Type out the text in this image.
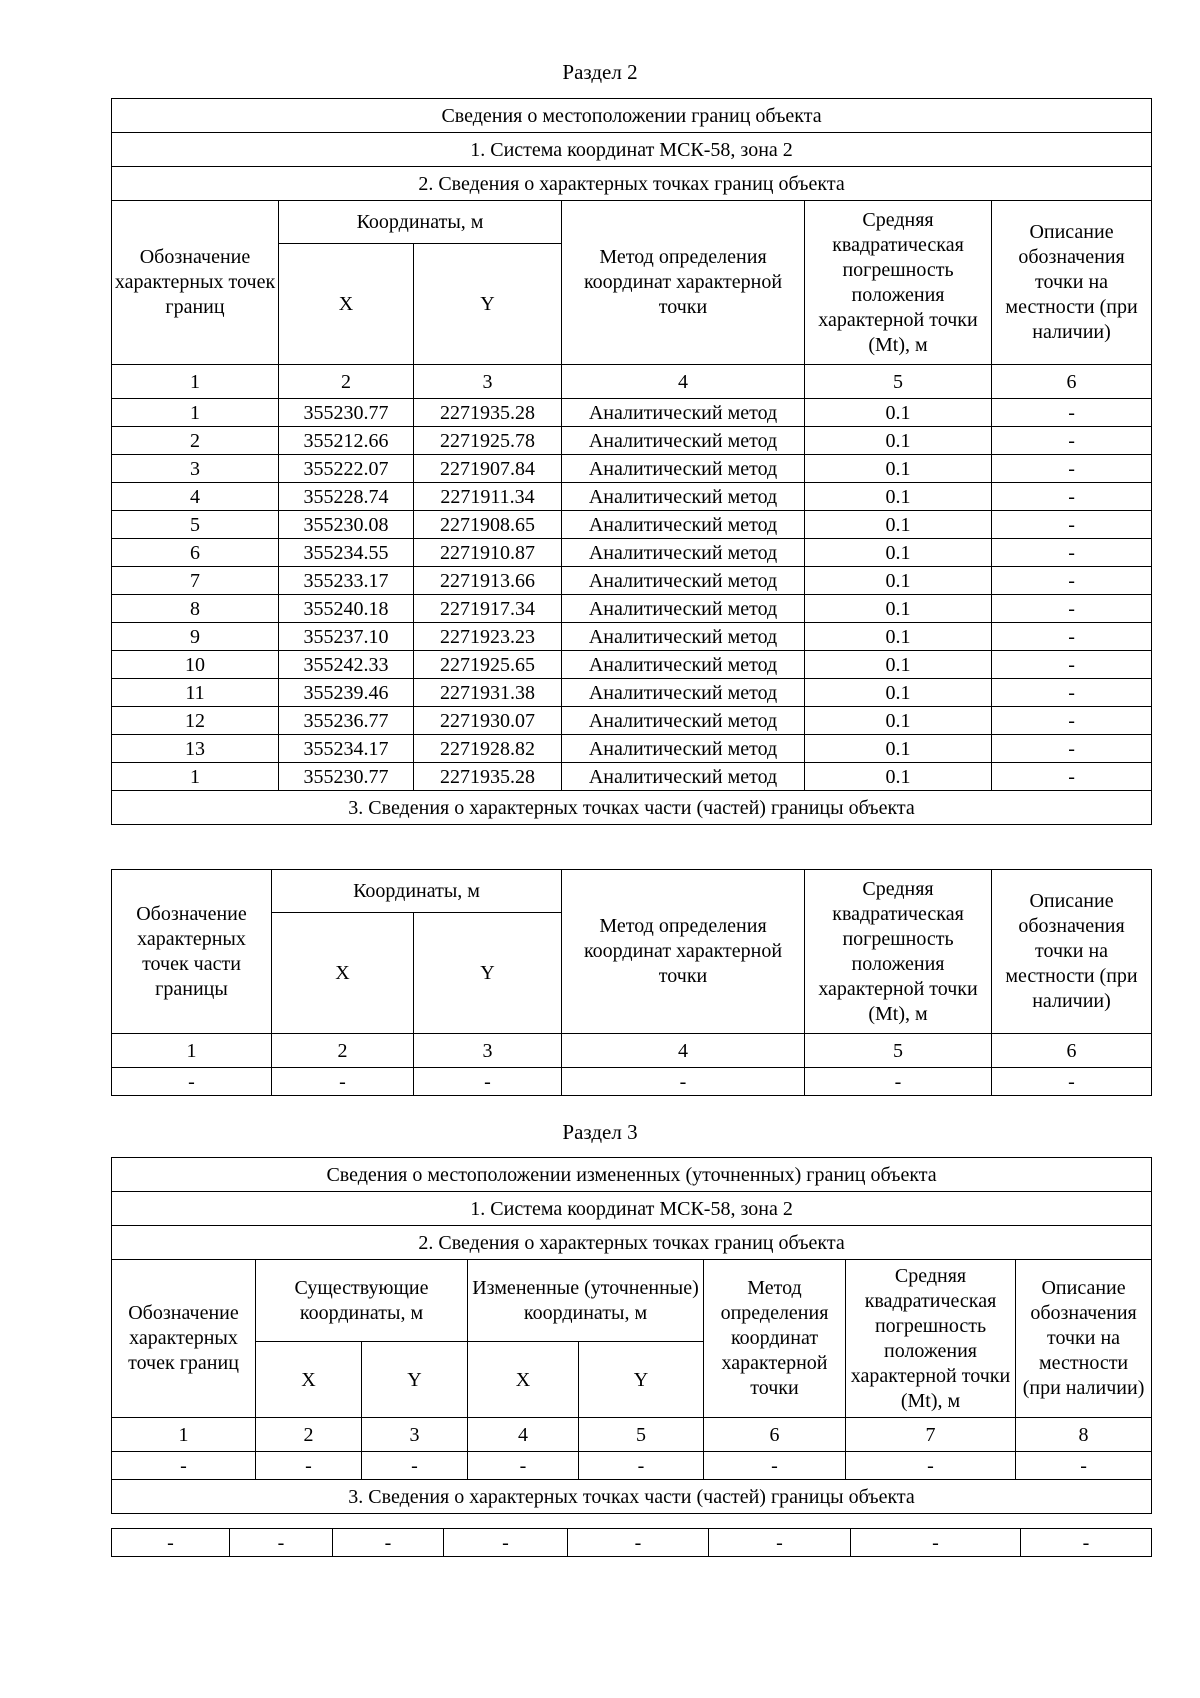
Раздел 2
Сведения о местоположении границ объекта					
1. Система координат МСК-58, зона 2					
2. Сведения о характерных точках границ объекта					
Обозначение характерных точек границ	Координаты, м		Метод определения координат характерной точки	Средняя квадратическая погрешность положения характерной точки (Mt), м	Описание обозначения точки на местности (при наличии)
	X	Y			
1	2	3	4	5	6
1	355230.77	2271935.28	Аналитический метод	0.1	-
2	355212.66	2271925.78	Аналитический метод	0.1	-
3	355222.07	2271907.84	Аналитический метод	0.1	-
4	355228.74	2271911.34	Аналитический метод	0.1	-
5	355230.08	2271908.65	Аналитический метод	0.1	-
6	355234.55	2271910.87	Аналитический метод	0.1	-
7	355233.17	2271913.66	Аналитический метод	0.1	-
8	355240.18	2271917.34	Аналитический метод	0.1	-
9	355237.10	2271923.23	Аналитический метод	0.1	-
10	355242.33	2271925.65	Аналитический метод	0.1	-
11	355239.46	2271931.38	Аналитический метод	0.1	-
12	355236.77	2271930.07	Аналитический метод	0.1	-
13	355234.17	2271928.82	Аналитический метод	0.1	-
1	355230.77	2271935.28	Аналитический метод	0.1	-
3. Сведения о характерных точках части (частей) границы объекта					
Обозначение характерных точек части границы	Координаты, м		Метод определения координат характерной точки	Средняя квадратическая погрешность положения характерной точки (Mt), м	Описание обозначения точки на местности (при наличии)
	X	Y			
1	2	3	4	5	6
-	-	-	-	-	-
Раздел 3
Сведения о местоположении измененных (уточненных) границ объекта							
1. Система координат МСК-58, зона 2							
2. Сведения о характерных точках границ объекта							
Обозначение характерных точек границ	Существующие координаты, м		Измененные (уточненные) координаты, м		Метод определения координат характерной точки	Средняя квадратическая погрешность положения характерной точки (Mt), м	Описание обозначения точки на местности (при наличии)
	X	Y	X	Y			
1	2	3	4	5	6	7	8
-	-	-	-	-	-	-	-
3. Сведения о характерных точках части (частей) границы объекта							
-	-	-	-	-	-	-	-
